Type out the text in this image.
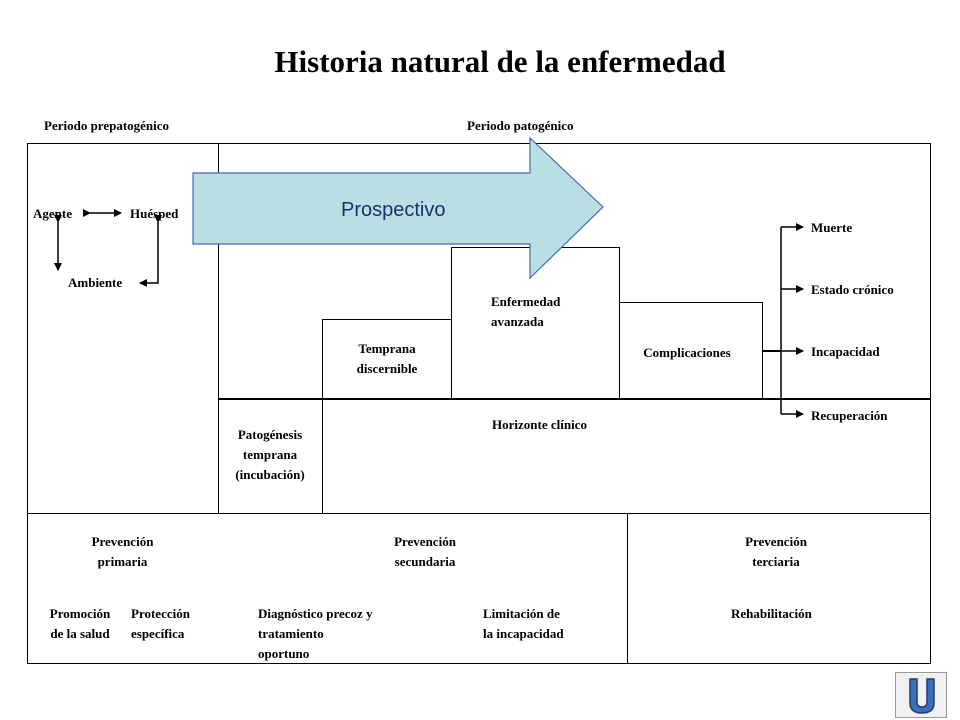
Historia natural de la enfermedad
Periodo prepatogénico	Periodo patogénico
Prospectivo
Agente	Huésped
Ambiente
Patogénesis
temprana
(incubación)
Temprana
discernible
Enfermedad
avanzada
Complicaciones
Horizonte clínico
Muerte
Estado crónico
Incapacidad
Recuperación
Prevención
primaria
Prevención
secundaria
Prevención
terciaria
Promoción
de la salud
Protección
específica
Diagnóstico precoz y
tratamiento
oportuno
Limitación de
la incapacidad
Rehabilitación
